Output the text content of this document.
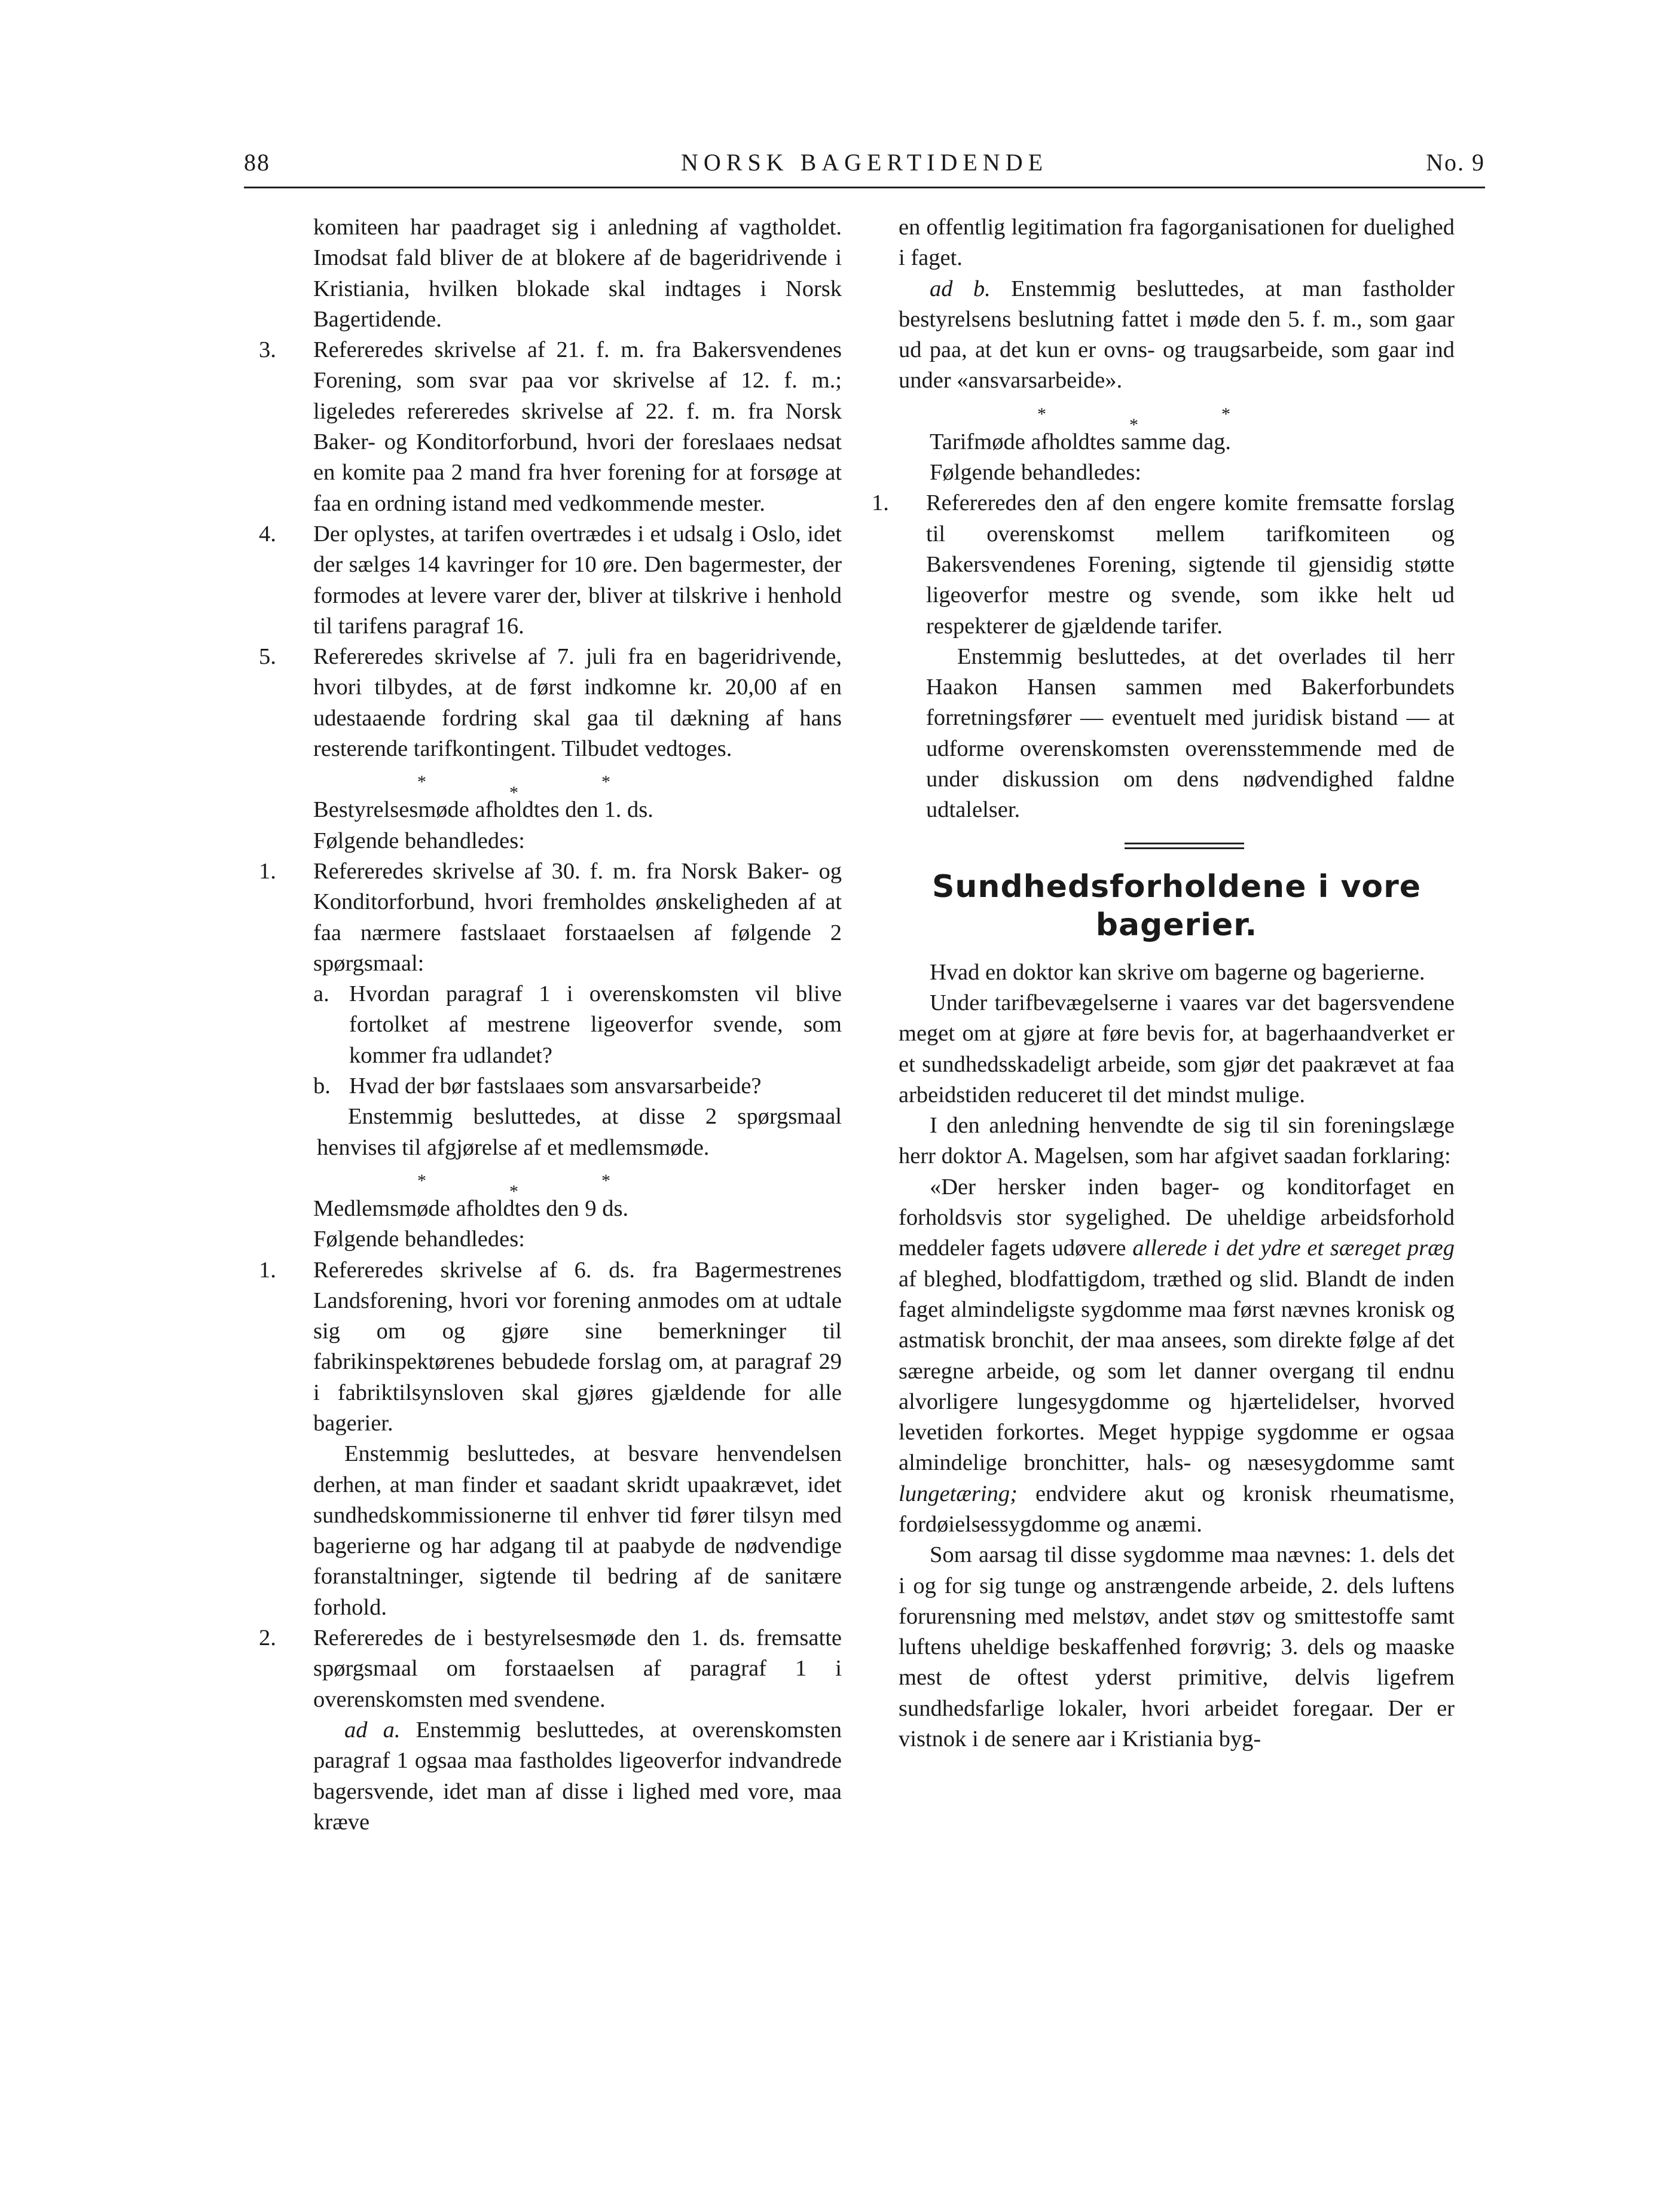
88	NORSK BAGERTIDENDE	No. 9

komiteen har paadraget sig i anledning af vagtholdet. Imodsat fald bliver de at blokere af de bageridrivende i Kristiania, hvilken blokade skal indtages i Norsk Bagertidende.

3. Refereredes skrivelse af 21. f. m. fra Bakersvendenes Forening, som svar paa vor skrivelse af 12. f. m.; ligeledes refereredes skrivelse af 22. f. m. fra Norsk Baker- og Konditorforbund, hvori der foreslaaes nedsat en komite paa 2 mand fra hver forening for at forsøge at faa en ordning istand med vedkommende mester.

4. Der oplystes, at tarifen overtrædes i et udsalg i Oslo, idet der sælges 14 kavringer for 10 øre. Den bagermester, der formodes at levere varer der, bliver at tilskrive i henhold til tarifens paragraf 16.

5. Refereredes skrivelse af 7. juli fra en bageridrivende, hvori tilbydes, at de først indkomne kr. 20,00 af en udestaaende fordring skal gaa til dækning af hans resterende tarifkontingent. Tilbudet vedtoges.

*
*
*

Bestyrelsesmøde afholdtes den 1. ds.

Følgende behandledes:

1. Refereredes skrivelse af 30. f. m. fra Norsk Baker- og Konditorforbund, hvori fremholdes ønskeligheden af at faa nærmere fastslaaet forstaaelsen af følgende 2 spørgsmaal:

a. Hvordan paragraf 1 i overenskomsten vil blive fortolket af mestrene ligeoverfor svende, som kommer fra udlandet?

b. Hvad der bør fastslaaes som ansvarsarbeide?

Enstemmig besluttedes, at disse 2 spørgsmaal henvises til afgjørelse af et medlemsmøde.

*
*
*

Medlemsmøde afholdtes den 9 ds.

Følgende behandledes:

1. Refereredes skrivelse af 6. ds. fra Bagermestrenes Landsforening, hvori vor forening anmodes om at udtale sig om og gjøre sine bemerkninger til fabrikinspektørenes bebudede forslag om, at paragraf 29 i fabriktilsynsloven skal gjøres gjældende for alle bagerier.

Enstemmig besluttedes, at besvare henvendelsen derhen, at man finder et saadant skridt upaakrævet, idet sundhedskommissionerne til enhver tid fører tilsyn med bagerierne og har adgang til at paabyde de nødvendige foranstaltninger, sigtende til bedring af de sanitære forhold.

2. Refereredes de i bestyrelsesmøde den 1. ds. fremsatte spørgsmaal om forstaaelsen af paragraf 1 i overenskomsten med svendene.

ad a. Enstemmig besluttedes, at overenskomsten paragraf 1 ogsaa maa fastholdes ligeoverfor indvandrede bagersvende, idet man af disse i lighed med vore, maa kræve

en offentlig legitimation fra fagorganisationen for duelighed i faget.

ad b. Enstemmig besluttedes, at man fastholder bestyrelsens beslutning fattet i møde den 5. f. m., som gaar ud paa, at det kun er ovns- og traugsarbeide, som gaar ind under «ansvarsarbeide».

*
*
*

Tarifmøde afholdtes samme dag.

Følgende behandledes:

1. Refereredes den af den engere komite fremsatte forslag til overenskomst mellem tarifkomiteen og Bakersvendenes Forening, sigtende til gjensidig støtte ligeoverfor mestre og svende, som ikke helt ud respekterer de gjældende tarifer.

Enstemmig besluttedes, at det overlades til herr Haakon Hansen sammen med Bakerforbundets forretningsfører — eventuelt med juridisk bistand — at udforme overenskomsten overensstemmende med de under diskussion om dens nødvendighed faldne udtalelser.

Sundhedsforholdene i vore bagerier.

Hvad en doktor kan skrive om bagerne og bagerierne.

Under tarifbevægelserne i vaares var det bagersvendene meget om at gjøre at føre bevis for, at bagerhaandverket er et sundhedsskadeligt arbeide, som gjør det paakrævet at faa arbeidstiden reduceret til det mindst mulige.

I den anledning henvendte de sig til sin foreningslæge herr doktor A. Magelsen, som har afgivet saadan forklaring:

«Der hersker inden bager- og konditorfaget en forholdsvis stor sygelighed. De uheldige arbeidsforhold meddeler fagets udøvere allerede i det ydre et særeget præg af bleghed, blodfattigdom, træthed og slid. Blandt de inden faget almindeligste sygdomme maa først nævnes kronisk og astmatisk bronchit, der maa ansees, som direkte følge af det særegne arbeide, og som let danner overgang til endnu alvorligere lungesygdomme og hjærtelidelser, hvorved levetiden forkortes. Meget hyppige sygdomme er ogsaa almindelige bronchitter, hals- og næsesygdomme samt lungetæring; endvidere akut og kronisk rheumatisme, fordøielsessygdomme og anæmi.

Som aarsag til disse sygdomme maa nævnes: 1. dels det i og for sig tunge og anstrængende arbeide, 2. dels luftens forurensning med melstøv, andet støv og smittestoffe samt luftens uheldige beskaffenhed forøvrig; 3. dels og maaske mest de oftest yderst primitive, delvis ligefrem sundhedsfarlige lokaler, hvori arbeidet foregaar. Der er vistnok i de senere aar i Kristiania byg-
